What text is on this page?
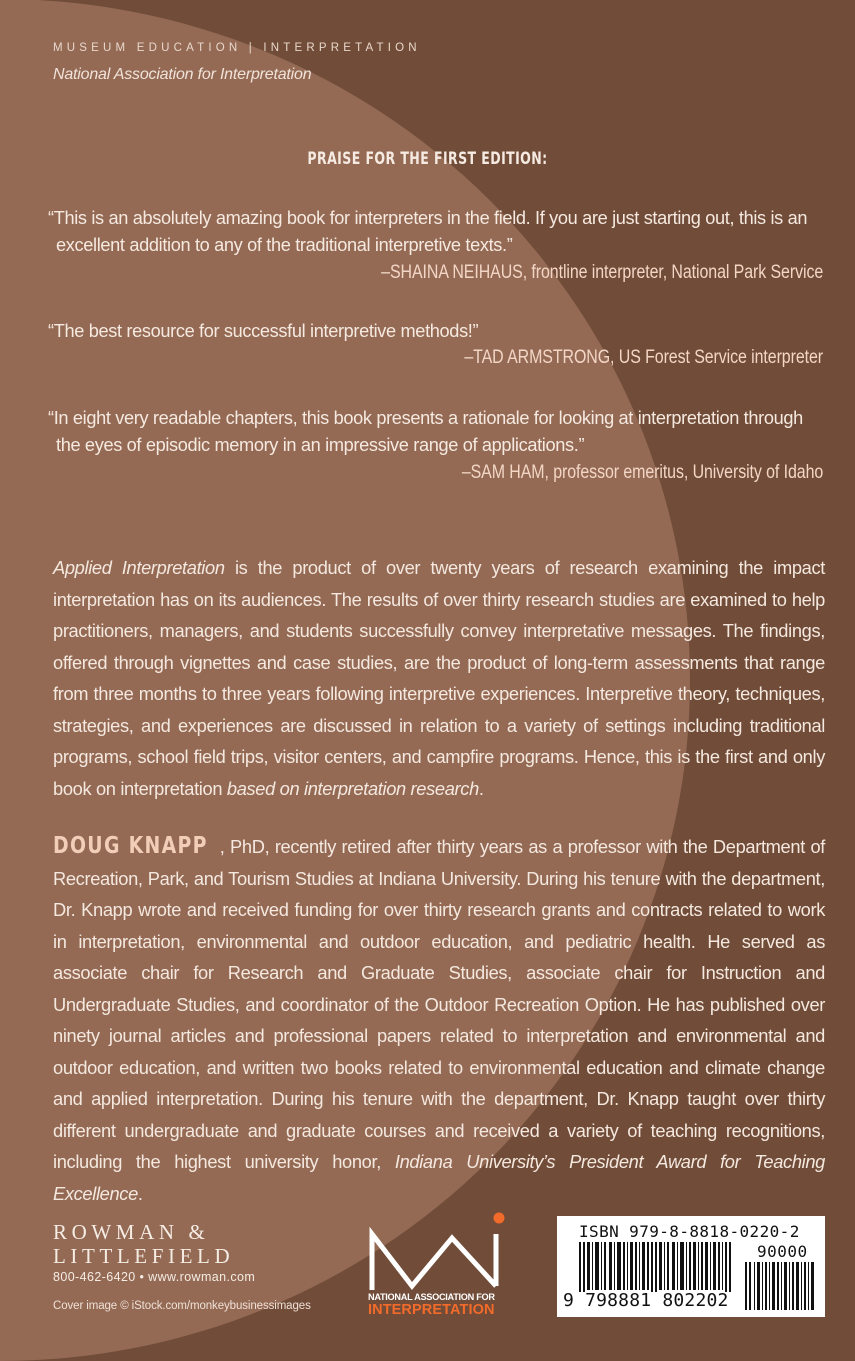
MUSEUM EDUCATION | INTERPRETATION
National Association for Interpretation
PRAISE FOR THE FIRST EDITION:
“This is an absolutely amazing book for interpreters in the field. If you are just starting out, this is an
excellent addition to any of the traditional interpretive texts.”
–SHAINA NEIHAUS, frontline interpreter, National Park Service
“The best resource for successful interpretive methods!”
–TAD ARMSTRONG, US Forest Service interpreter
“In eight very readable chapters, this book presents a rationale for looking at interpretation through
the eyes of episodic memory in an impressive range of applications.”
–SAM HAM, professor emeritus, University of Idaho
Applied Interpretation is the product of over twenty years of research examining the impact interpretation has on its audiences. The results of over thirty research studies are examined to help practitioners, managers, and students successfully convey interpretative messages. The findings, offered through vignettes and case studies, are the product of long-term assessments that range from three months to three years following interpretive experiences. Interpretive theory, techniques, strategies, and experiences are discussed in relation to a variety of settings including traditional programs, school field trips, visitor centers, and campfire programs. Hence, this is the first and only book on interpretation based on interpretation research.
DOUG KNAPP , PhD, recently retired after thirty years as a professor with the Department of Recreation, Park, and Tourism Studies at Indiana University. During his tenure with the department, Dr. Knapp wrote and received funding for over thirty research grants and contracts related to work in interpretation, environmental and outdoor education, and pediatric health. He served as associate chair for Research and Graduate Studies, associate chair for Instruction and Undergraduate Studies, and coordinator of the Outdoor Recreation Option. He has published over ninety journal articles and professional papers related to interpretation and environmental and outdoor education, and written two books related to environmental education and climate change and applied interpretation. During his tenure with the department, Dr. Knapp taught over thirty different undergraduate and graduate courses and received a variety of teaching recognitions, including the highest university honor, Indiana University’s President Award for Teaching Excellence.
ROWMAN &
LITTLEFIELD
800-462-6420 • www.rowman.com
Cover image © iStock.com/monkeybusinessimages
NATIONAL ASSOCIATION FOR
INTERPRETATION
ISBN 979-8-8818-0220-2
90000
9 798881 802202
